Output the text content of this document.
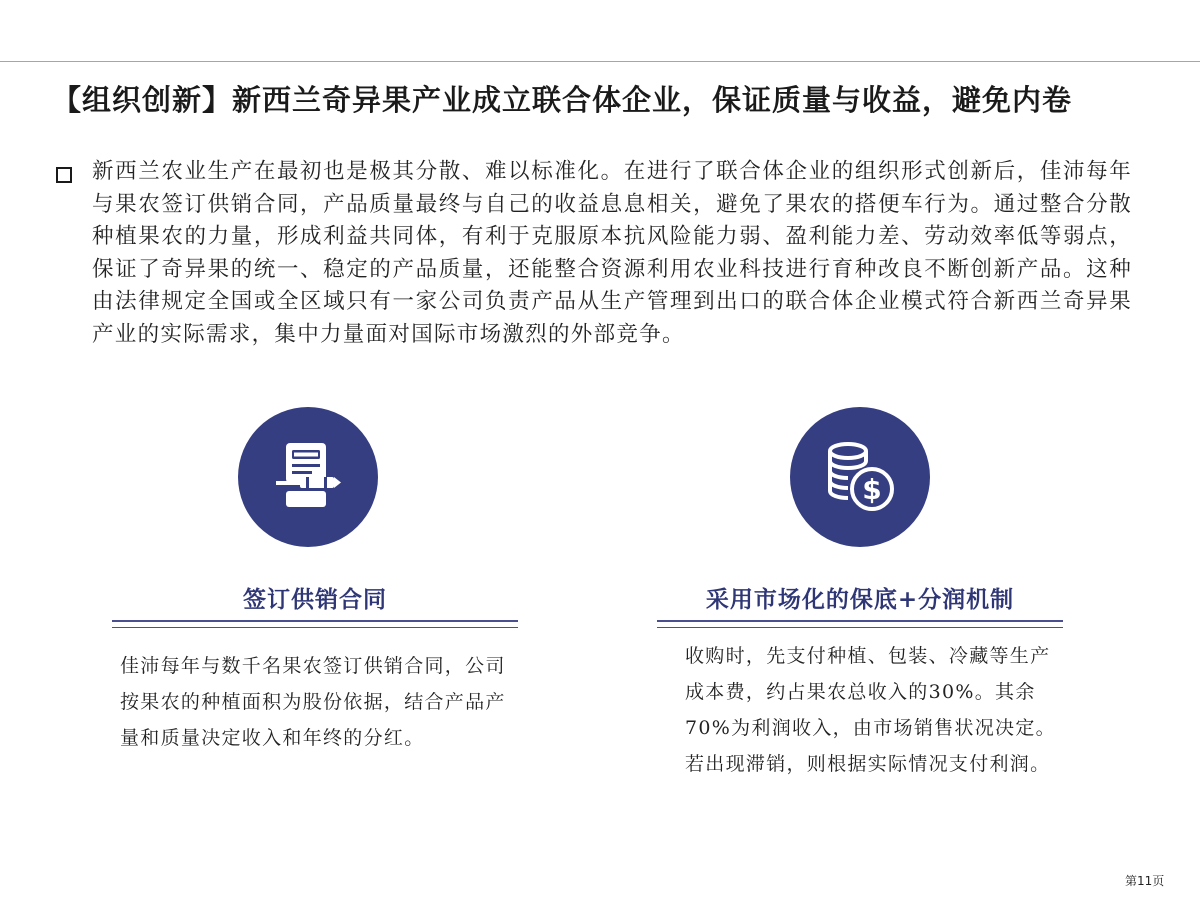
【组织创新】新西兰奇异果产业成立联合体企业，保证质量与收益，避免内卷
新西兰农业生产在最初也是极其分散、难以标准化。在进行了联合体企业的组织形式创新后，佳沛每年与果农签订供销合同，产品质量最终与自己的收益息息相关，避免了果农的搭便车行为。通过整合分散种植果农的力量，形成利益共同体，有利于克服原本抗风险能力弱、盈利能力差、劳动效率低等弱点，保证了奇异果的统一、稳定的产品质量，还能整合资源利用农业科技进行育种改良不断创新产品。这种由法律规定全国或全区域只有一家公司负责产品从生产管理到出口的联合体企业模式符合新西兰奇异果产业的实际需求，集中力量面对国际市场激烈的外部竞争。
$
签订供销合同
佳沛每年与数千名果农签订供销合同，公司按果农的种植面积为股份依据，结合产品产量和质量决定收入和年终的分红。
采用市场化的保底+分润机制
收购时，先支付种植、包装、冷藏等生产成本费，约占果农总收入的30%。其余70%为利润收入，由市场销售状况决定。若出现滞销，则根据实际情况支付利润。
第11页
